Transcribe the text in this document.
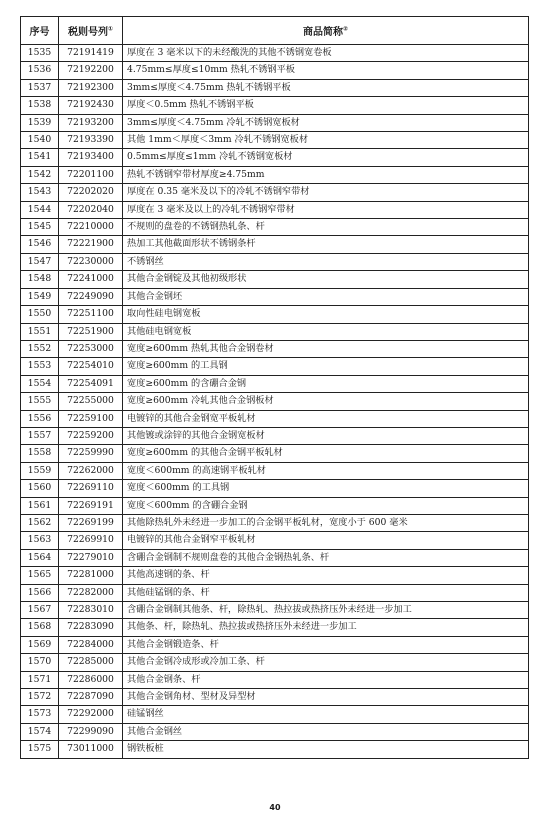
序号	税则号列①	商品简称②
1535	72191419	厚度在 3 毫米以下的未经酸洗的其他不锈钢宽卷板
1536	72192200	4.75mm≤厚度≤10mm 热轧不锈钢平板
1537	72192300	3mm≤厚度＜4.75mm 热轧不锈钢平板
1538	72192430	厚度＜0.5mm 热轧不锈钢平板
1539	72193200	3mm≤厚度＜4.75mm 冷轧不锈钢宽板材
1540	72193390	其他 1mm＜厚度＜3mm 冷轧不锈钢宽板材
1541	72193400	0.5mm≤厚度≤1mm 冷轧不锈钢宽板材
1542	72201100	热轧不锈钢窄带材厚度≥4.75mm
1543	72202020	厚度在 0.35 毫米及以下的冷轧不锈钢窄带材
1544	72202040	厚度在 3 毫米及以上的冷轧不锈钢窄带材
1545	72210000	不规则的盘卷的不锈钢热轧条、杆
1546	72221900	热加工其他截面形状不锈钢条杆
1547	72230000	不锈钢丝
1548	72241000	其他合金钢锭及其他初级形状
1549	72249090	其他合金钢坯
1550	72251100	取向性硅电钢宽板
1551	72251900	其他硅电钢宽板
1552	72253000	宽度≥600mm 热轧其他合金钢卷材
1553	72254010	宽度≥600mm 的工具钢
1554	72254091	宽度≥600mm 的含硼合金钢
1555	72255000	宽度≥600mm 冷轧其他合金钢板材
1556	72259100	电镀锌的其他合金钢宽平板轧材
1557	72259200	其他镀或涂锌的其他合金钢宽板材
1558	72259990	宽度≥600mm 的其他合金钢平板轧材
1559	72262000	宽度＜600mm 的高速钢平板轧材
1560	72269110	宽度＜600mm 的工具钢
1561	72269191	宽度＜600mm 的含硼合金钢
1562	72269199	其他除热轧外未经进一步加工的合金钢平板轧材，宽度小于 600 毫米
1563	72269910	电镀锌的其他合金钢窄平板轧材
1564	72279010	含硼合金钢制不规则盘卷的其他合金钢热轧条、杆
1565	72281000	其他高速钢的条、杆
1566	72282000	其他硅锰钢的条、杆
1567	72283010	含硼合金钢制其他条、杆，除热轧、热拉拔或热挤压外未经进一步加工
1568	72283090	其他条、杆，除热轧、热拉拔或热挤压外未经进一步加工
1569	72284000	其他合金钢锻造条、杆
1570	72285000	其他合金钢冷成形或冷加工条、杆
1571	72286000	其他合金钢条、杆
1572	72287090	其他合金钢角材、型材及异型材
1573	72292000	硅锰钢丝
1574	72299090	其他合金钢丝
1575	73011000	钢铁板桩
40
